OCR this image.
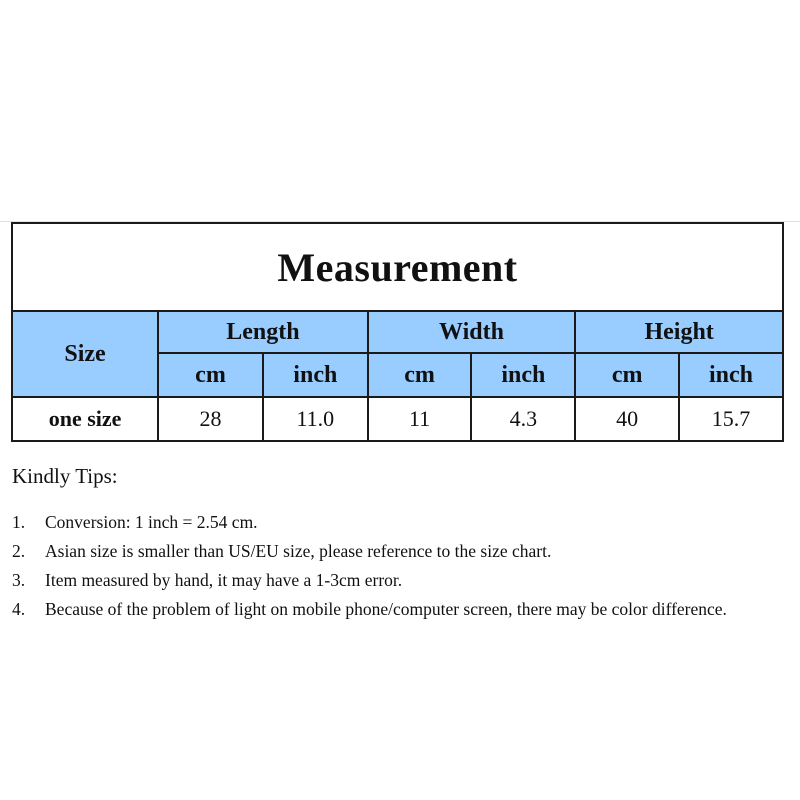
Measurement						
Size	Length		Width		Height	
	cm	inch	cm	inch	cm	inch
one size	28	11.0	11	4.3	40	15.7
Kindly Tips:
1. Conversion: 1 inch = 2.54 cm.
2. Asian size is smaller than US/EU size, please reference to the size chart.
3. Item measured by hand, it may have a 1-3cm error.
4. Because of the problem of light on mobile phone/computer screen, there may be color difference.
